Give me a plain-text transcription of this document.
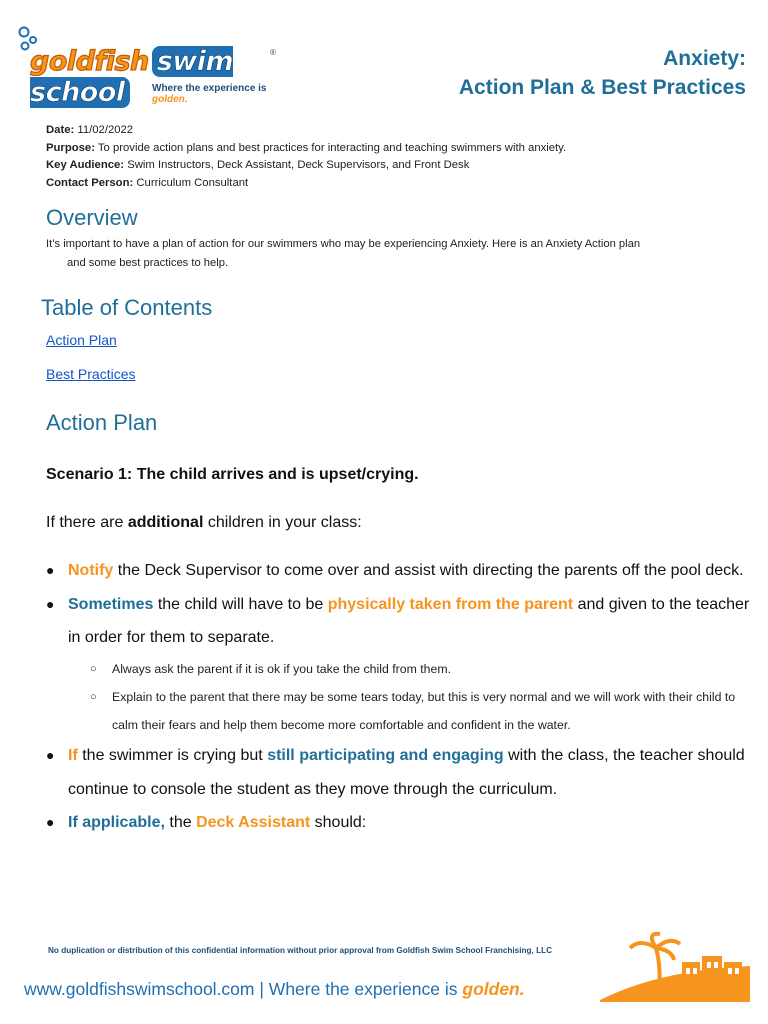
goldfish swim school
®
Where the experience is golden.
Anxiety:
Action Plan & Best Practices
Date: 11/02/2022
Purpose: To provide action plans and best practices for interacting and teaching swimmers with anxiety.
Key Audience: Swim Instructors, Deck Assistant, Deck Supervisors, and Front Desk
Contact Person: Curriculum Consultant
Overview
It’s important to have a plan of action for our swimmers who may be experiencing Anxiety. Here is an Anxiety Action plan
and some best practices to help.
Table of Contents
Action Plan
Best Practices
Action Plan
Scenario 1: The child arrives and is upset/crying.
If there are additional children in your class:
● Notify the Deck Supervisor to come over and assist with directing the parents off the pool deck.
● Sometimes the child will have to be physically taken from the parent and given to the teacher in order for them to separate.
○ Always ask the parent if it is ok if you take the child from them.
○ Explain to the parent that there may be some tears today, but this is very normal and we will work with their child to calm their fears and help them become more comfortable and confident in the water.
● If the swimmer is crying but still participating and engaging with the class, the teacher should continue to console the student as they move through the curriculum.
● If applicable, the Deck Assistant should:
No duplication or distribution of this confidential information without prior approval from Goldfish Swim School Franchising, LLC
www.goldfishswimschool.com | Where the experience is golden.
